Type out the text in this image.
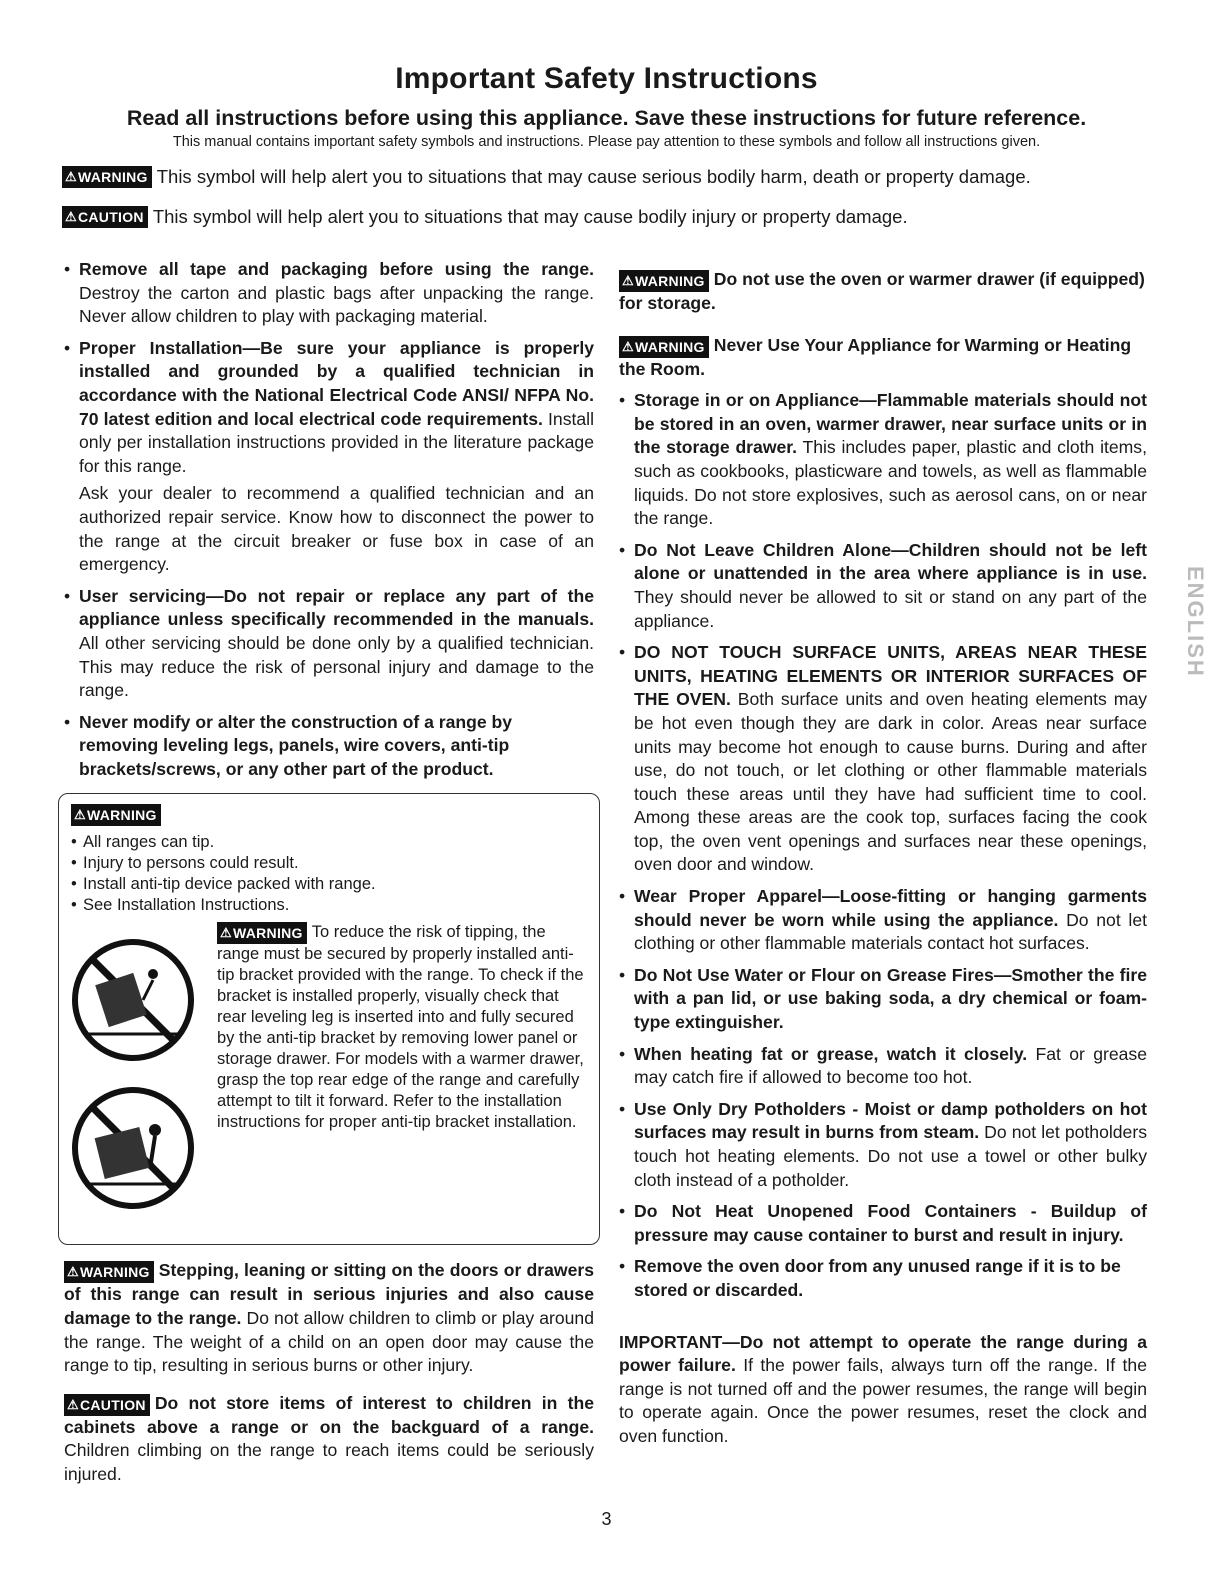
Important Safety Instructions
Read all instructions before using this appliance. Save these instructions for future reference.
This manual contains important safety symbols and instructions. Please pay attention to these symbols and follow all instructions given.
⚠ WARNING This symbol will help alert you to situations that may cause serious bodily harm, death or property damage.
⚠ CAUTION This symbol will help alert you to situations that may cause bodily injury or property damage.

• Remove all tape and packaging before using the range. Destroy the carton and plastic bags after unpacking the range. Never allow children to play with packaging material.

• Proper Installation—Be sure your appliance is properly installed and grounded by a qualified technician in accordance with the National Electrical Code ANSI/ NFPA No. 70 latest edition and local electrical code requirements. Install only per installation instructions provided in the literature package for this range.

Ask your dealer to recommend a qualified technician and an authorized repair service. Know how to disconnect the power to the range at the circuit breaker or fuse box in case of an emergency.

• User servicing—Do not repair or replace any part of the appliance unless specifically recommended in the manuals. All other servicing should be done only by a qualified technician. This may reduce the risk of personal injury and damage to the range.

• Never modify or alter the construction of a range by removing leveling legs, panels, wire covers, anti-tip brackets/screws, or any other part of the product.

⚠ WARNING
• All ranges can tip.
• Injury to persons could result.
• Install anti-tip device packed with range.
• See Installation Instructions.
⚠ WARNING To reduce the risk of tipping, the range must be secured by properly installed anti-tip bracket provided with the range. To check if the bracket is installed properly, visually check that rear leveling leg is inserted into and fully secured by the anti-tip bracket by removing lower panel or storage drawer. For models with a warmer drawer, grasp the top rear edge of the range and carefully attempt to tilt it forward. Refer to the installation instructions for proper anti-tip bracket installation.

⚠ WARNING Stepping, leaning or sitting on the doors or drawers of this range can result in serious injuries and also cause damage to the range. Do not allow children to climb or play around the range. The weight of a child on an open door may cause the range to tip, resulting in serious burns or other injury.

⚠ CAUTION Do not store items of interest to children in the cabinets above a range or on the backguard of a range. Children climbing on the range to reach items could be seriously injured.

⚠ WARNING Do not use the oven or warmer drawer (if equipped) for storage.

⚠ WARNING Never Use Your Appliance for Warming or Heating the Room.

• Storage in or on Appliance—Flammable materials should not be stored in an oven, warmer drawer, near surface units or in the storage drawer. This includes paper, plastic and cloth items, such as cookbooks, plasticware and towels, as well as flammable liquids. Do not store explosives, such as aerosol cans, on or near the range.

• Do Not Leave Children Alone—Children should not be left alone or unattended in the area where appliance is in use. They should never be allowed to sit or stand on any part of the appliance.

• DO NOT TOUCH SURFACE UNITS, AREAS NEAR THESE UNITS, HEATING ELEMENTS OR INTERIOR SURFACES OF THE OVEN. Both surface units and oven heating elements may be hot even though they are dark in color. Areas near surface units may become hot enough to cause burns. During and after use, do not touch, or let clothing or other flammable materials touch these areas until they have had sufficient time to cool. Among these areas are the cook top, surfaces facing the cook top, the oven vent openings and surfaces near these openings, oven door and window.

• Wear Proper Apparel—Loose-fitting or hanging garments should never be worn while using the appliance. Do not let clothing or other flammable materials contact hot surfaces.

• Do Not Use Water or Flour on Grease Fires—Smother the fire with a pan lid, or use baking soda, a dry chemical or foam-type extinguisher.

• When heating fat or grease, watch it closely. Fat or grease may catch fire if allowed to become too hot.

• Use Only Dry Potholders - Moist or damp potholders on hot surfaces may result in burns from steam. Do not let potholders touch hot heating elements. Do not use a towel or other bulky cloth instead of a potholder.

• Do Not Heat Unopened Food Containers - Buildup of pressure may cause container to burst and result in injury.

• Remove the oven door from any unused range if it is to be stored or discarded.

IMPORTANT—Do not attempt to operate the range during a power failure. If the power fails, always turn off the range. If the range is not turned off and the power resumes, the range will begin to operate again. Once the power resumes, reset the clock and oven function.

ENGLISH
3
